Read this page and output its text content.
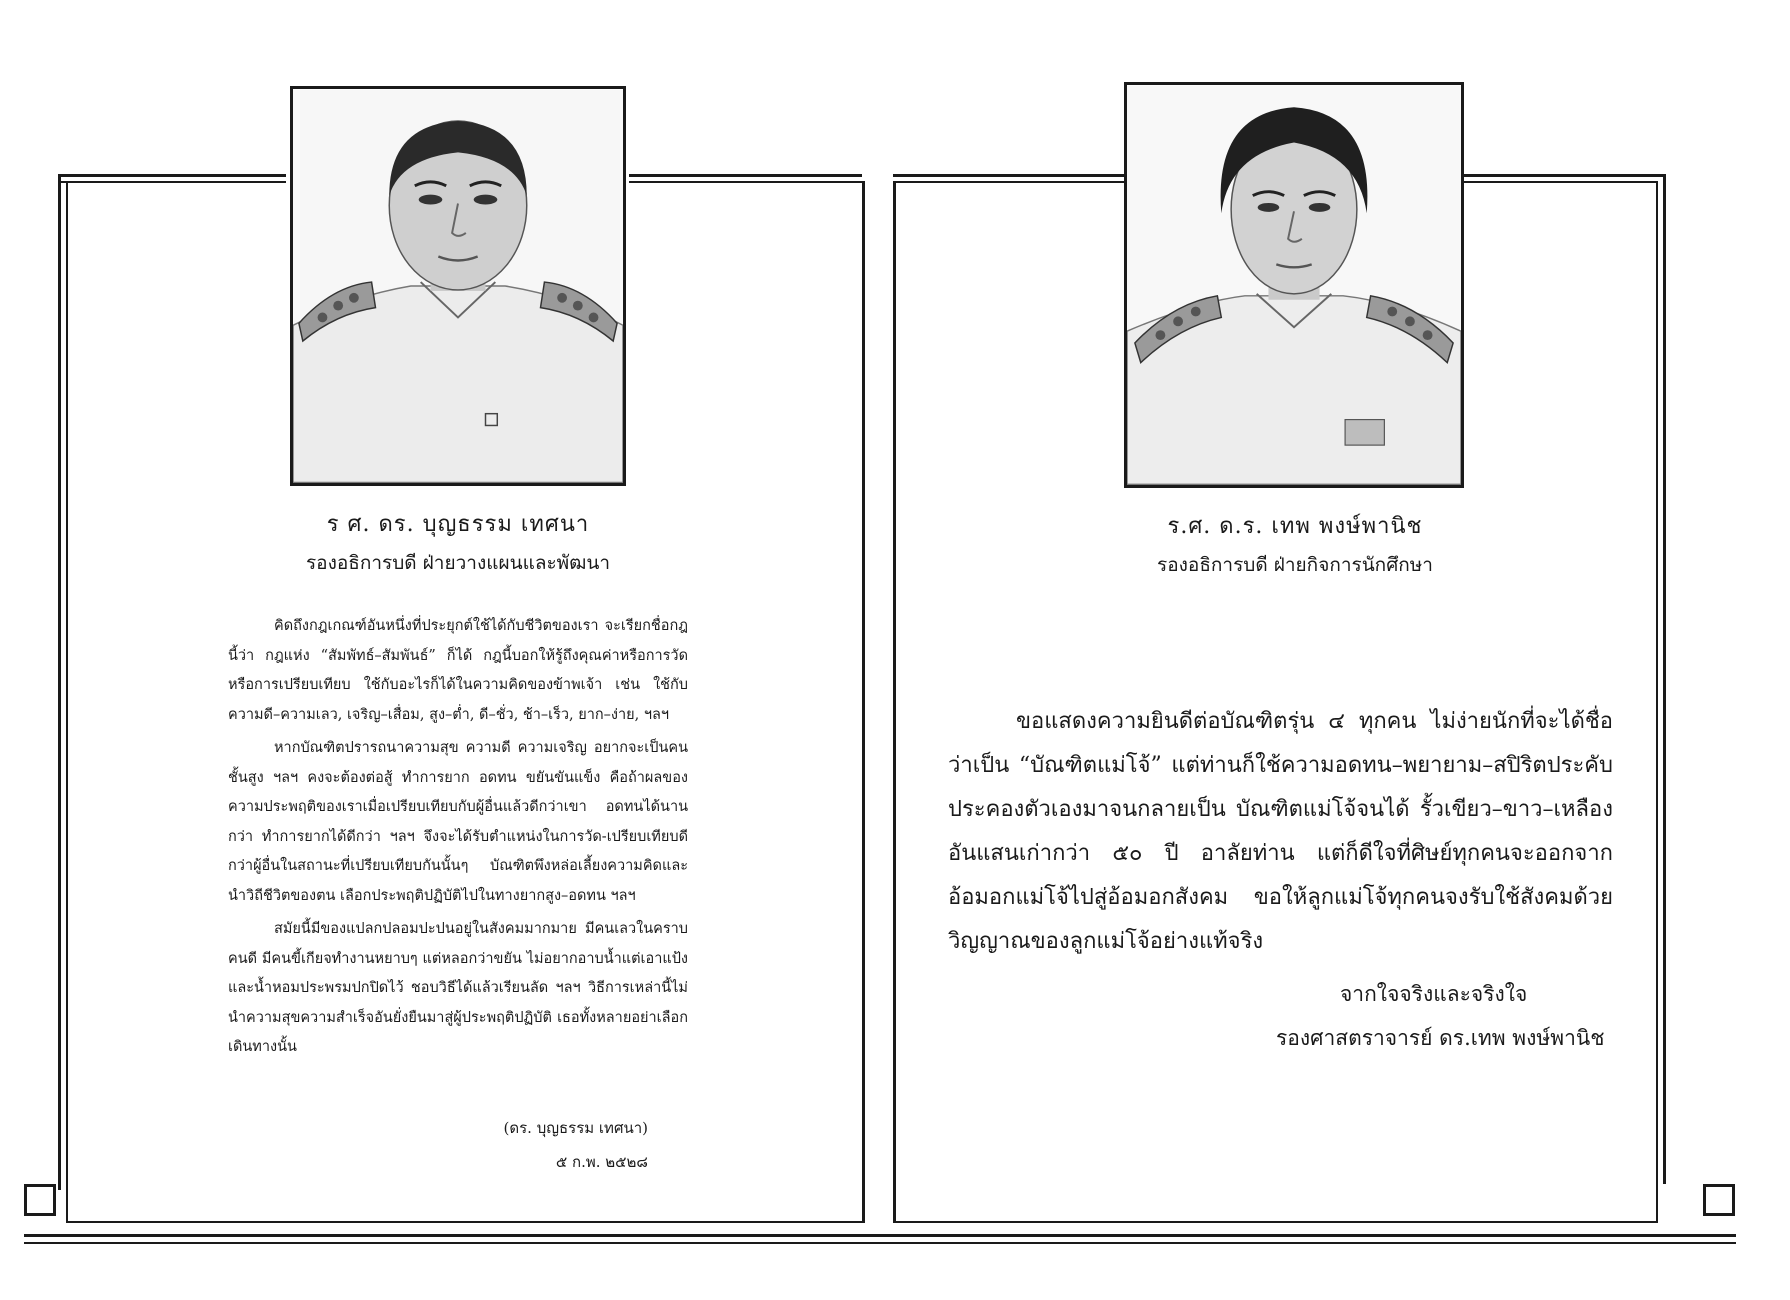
ร ศ. ดร. บุญธรรม เทศนา
รองอธิการบดี ฝ่ายวางแผนและพัฒนา

คิดถึงกฎเกณฑ์อันหนึ่งที่ประยุกต์ใช้ได้กับชีวิตของเรา จะเรียกชื่อกฎนี้ว่า กฎแห่ง “สัมพัทธ์–สัมพันธ์” ก็ได้ กฎนี้บอกให้รู้ถึงคุณค่าหรือการวัด หรือการเปรียบเทียบ ใช้กับอะไรก็ได้ในความคิดของข้าพเจ้า เช่น ใช้กับความดี–ความเลว, เจริญ–เสื่อม, สูง–ต่ำ, ดี–ชั่ว, ช้า–เร็ว, ยาก–ง่าย, ฯลฯ

หากบัณฑิตปรารถนาความสุข ความดี ความเจริญ อยากจะเป็นคนชั้นสูง ฯลฯ คงจะต้องต่อสู้ ทำการยาก อดทน ขยันขันแข็ง คือถ้าผลของความประพฤติของเราเมื่อเปรียบเทียบกับผู้อื่นแล้วดีกว่าเขา อดทนได้นานกว่า ทำการยากได้ดีกว่า ฯลฯ จึงจะได้รับตำแหน่งในการวัด-เปรียบเทียบดีกว่าผู้อื่นในสถานะที่เปรียบเทียบกันนั้นๆ บัณฑิตพึงหล่อเลี้ยงความคิดและนำวิถีชีวิตของตน เลือกประพฤติปฏิบัติไปในทางยากสูง–อดทน ฯลฯ

สมัยนี้มีของแปลกปลอมปะปนอยู่ในสังคมมากมาย มีคนเลวในคราบคนดี มีคนขี้เกียจทำงานหยาบๆ แต่หลอกว่าขยัน ไม่อยากอาบน้ำแต่เอาแป้งและน้ำหอมประพรมปกปิดไว้ ชอบวิธีได้แล้วเรียนลัด ฯลฯ วิธีการเหล่านี้ไม่นำความสุขความสำเร็จอันยั่งยืนมาสู่ผู้ประพฤติปฏิบัติ เธอทั้งหลายอย่าเลือกเดินทางนั้น

(ดร. บุญธรรม เทศนา)
๕ ก.พ. ๒๕๒๘
ร.ศ. ด.ร. เทพ พงษ์พานิช
รองอธิการบดี ฝ่ายกิจการนักศึกษา

ขอแสดงความยินดีต่อบัณฑิตรุ่น ๔ ทุกคน ไม่ง่ายนักที่จะได้ชื่อว่าเป็น “บัณฑิตแม่โจ้” แต่ท่านก็ใช้ความอดทน–พยายาม–สปิริตประคับประคองตัวเองมาจนกลายเป็น บัณฑิตแม่โจ้จนได้ รั้วเขียว–ขาว–เหลือง อันแสนเก่ากว่า ๕๐ ปี อาลัยท่าน แต่ก็ดีใจที่ศิษย์ทุกคนจะออกจากอ้อมอกแม่โจ้ไปสู่อ้อมอกสังคม ขอให้ลูกแม่โจ้ทุกคนจงรับใช้สังคมด้วยวิญญาณของลูกแม่โจ้อย่างแท้จริง

จากใจจริงและจริงใจ
รองศาสตราจารย์ ดร.เทพ พงษ์พานิช
